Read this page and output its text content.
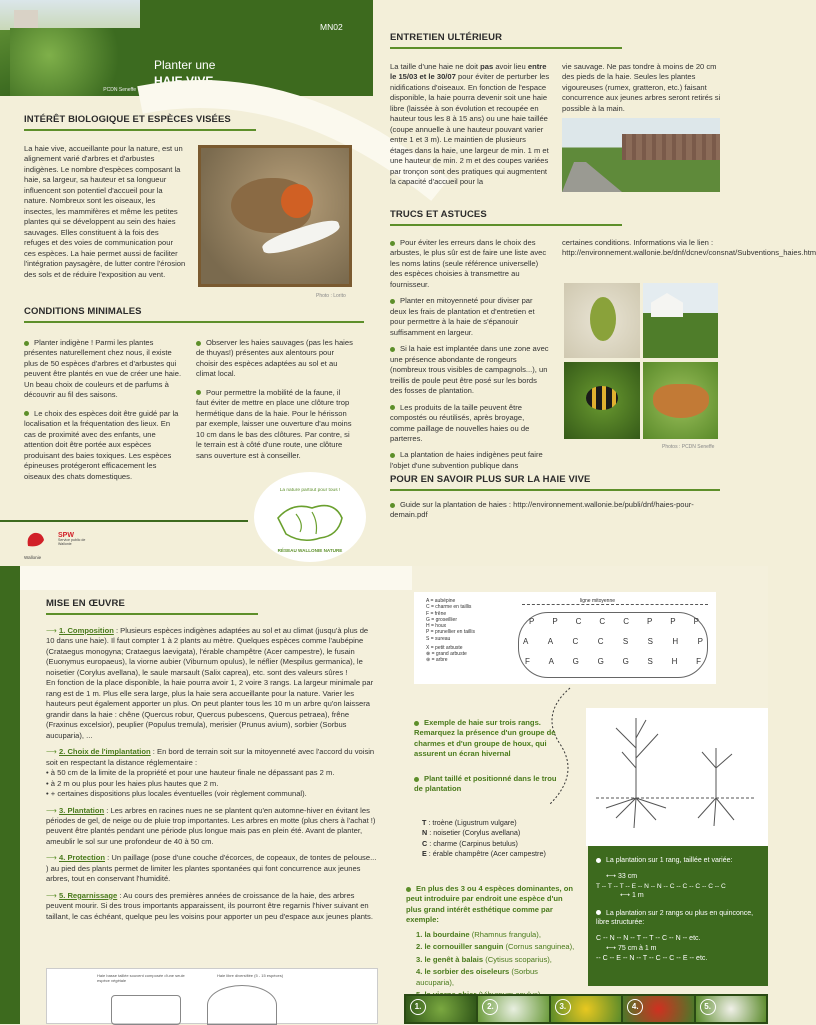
PCDN Seneffe
MN02
Planter une
HAIE VIVE
INTÉRÊT BIOLOGIQUE ET ESPÈCES VISÉES

La haie vive, accueillante pour la nature, est un alignement varié d'arbres et d'arbustes indigènes. Le nombre d'espèces composant la haie, sa largeur, sa hauteur et sa longueur influencent son potentiel d'accueil pour la nature. Nombreux sont les oiseaux, les insectes, les mammifères et même les petites plantes qui se développent au sein des haies sauvages. Elles constituent à la fois des refuges et des voies de communication pour ces espèces. La haie permet aussi de faciliter l'intégration paysagère, de lutter contre l'érosion des sols et de réduire l'exposition au vent.

Photo : Lorito
CONDITIONS MINIMALES

Planter indigène ! Parmi les plantes présentes naturellement chez nous, il existe plus de 50 espèces d'arbres et d'arbustes qui peuvent être plantés en vue de créer une haie. Un beau choix de couleurs et de parfums à découvrir au fil des saisons.

Le choix des espèces doit être guidé par la localisation et la fréquentation des lieux. En cas de proximité avec des enfants, une attention doit être portée aux espèces produisant des baies toxiques. Les espèces épineuses protégeront efficacement les oiseaux des chats domestiques.

Observer les haies sauvages (pas les haies de thuyas!) présentes aux alentours pour choisir des espèces adaptées au sol et au climat local.

Pour permettre la mobilité de la faune, il faut éviter de mettre en place une clôture trop hermétique dans de la haie. Pour le hérisson par exemple, laisser une ouverture d'au moins 10 cm dans le bas des clôtures. Par contre, si le terrain est à côté d'une route, une clôture sans ouverture est à conseiller.

La nature partout pour tous !
RÉSEAU WALLONIE NATURE
ENTRETIEN ULTÉRIEUR

La taille d'une haie ne doit pas avoir lieu entre le 15/03 et le 30/07 pour éviter de perturber les nidifications d'oiseaux. En fonction de l'espace disponible, la haie pourra devenir soit une haie libre (laissée à son évolution et recoupée en hauteur tous les 8 à 15 ans) ou une haie taillée (coupe annuelle à une hauteur pouvant varier entre 1 et 3 m). Le maintien de plusieurs étages dans la haie, une largeur de min. 1 m et une hauteur de min. 2 m et des coupes variées par tronçon sont des pratiques qui augmentent la capacité d'accueil pour la

vie sauvage. Ne pas tondre à moins de 20 cm des pieds de la haie. Seules les plantes vigoureuses (rumex, gratteron, etc.) faisant concurrence aux jeunes arbres seront retirés si possible à la main.

TRUCS ET ASTUCES

Pour éviter les erreurs dans le choix des arbustes, le plus sûr est de faire une liste avec les noms latins (seule référence universelle) des espèces choisies à transmettre au fournisseur.

Planter en mitoyenneté pour diviser par deux les frais de plantation et d'entretien et pour permettre à la haie de s'épanouir suffisamment en largeur.

Si la haie est implantée dans une zone avec une présence abondante de rongeurs (nombreux trous visibles de campagnols...), un treillis de poule peut être posé sur les bords des fosses de plantation.

Les produits de la taille peuvent être compostés ou réutilisés, après broyage, comme paillage de nouvelles haies ou de parterres.

La plantation de haies indigènes peut faire l'objet d'une subvention publique dans

certaines conditions. Informations via le lien : http://environnement.wallonie.be/dnf/dcnev/consnat/Subventions_haies.htm

Photos : PCDN Seneffe
POUR EN SAVOIR PLUS SUR LA HAIE VIVE

Guide sur la plantation de haies : http://environnement.wallonie.be/publi/dnf/haies-pour-demain.pdf

Wallonie
SPW
Service public de Wallonie
MISE EN ŒUVRE

⟶ 1. Composition : Plusieurs espèces indigènes adaptées au sol et au climat (jusqu'à plus de 10 dans une haie). Il faut compter 1 à 2 plants au mètre. Quelques espèces comme l'aubépine (Crataegus monogyna; Crataegus laevigata), l'érable champêtre (Acer campestre), le fusain (Euonymus europaeus), la viorne aubier (Viburnum opulus), le néflier (Mespilus germanica), le noisetier (Corylus avellana), le saule marsault (Salix caprea), etc. sont des valeurs sûres !

En fonction de la place disponible, la haie pourra avoir 1, 2 voire 3 rangs. La largeur minimale par rang est de 1 m. Plus elle sera large, plus la haie sera accueillante pour la nature. Varier les hauteurs peut également apporter un plus. On peut planter tous les 10 m un arbre qu'on laissera grandir dans la haie : chêne (Quercus robur, Quercus pubescens, Quercus petraea), frêne (Fraxinus excelsior), peuplier (Populus tremula), merisier (Prunus avium), sorbier (Sorbus aucuparia), ...

⟶ 2. Choix de l'implantation : En bord de terrain soit sur la mitoyenneté avec l'accord du voisin soit en respectant la distance réglementaire :

• à 50 cm de la limite de la propriété et pour une hauteur finale ne dépassant pas 2 m.

• à 2 m ou plus pour les haies plus hautes que 2 m.

• + certaines dispositions plus locales éventuelles (voir règlement communal).

⟶ 3. Plantation : Les arbres en racines nues ne se plantent qu'en automne-hiver en évitant les périodes de gel, de neige ou de pluie trop importantes. Les arbres en motte (plus chers à l'achat !) peuvent être plantés pendant une période plus longue mais pas en plein été. Avant de planter, ameublir le sol sur une profondeur de 40 à 50 cm.

⟶ 4. Protection : Un paillage (pose d'une couche d'écorces, de copeaux, de tontes de pelouse... ) au pied des plants permet de limiter les plantes spontanées qui font concurrence aux jeunes arbres, tout en conservant l'humidité.

⟶ 5. Regarnissage : Au cours des premières années de croissance de la haie, des arbres peuvent mourir. Si des trous importants apparaissent, ils pourront être regarnis l'hiver suivant en taillant, le cas échéant, quelque peu les voisins pour apporter un peu d'espace aux jeunes plants.

Haie basse taillée souvent composée d'une seule espèce végétale
Haie libre diversifiée (5 - 15 espèces)
A = aubépine
C = charme en taillis
F = frêne
G = groseillier
H = houx
P = prunellier en taillis
S = sureau
X = petit arbuste
⊗ = grand arbuste
⊛ = arbre
ligne mitoyenne
P P C C C P P P
A A C C S S H P
F A G G G S H F

Exemple de haie sur trois rangs. Remarquez la présence d'un groupe de charmes et d'un groupe de houx, qui assurent un écran hivernal

Plant taillé et positionné dans le trou de plantation

T : troène (Ligustrum vulgare)
N : noisetier (Corylus avellana)
C : charme (Carpinus betulus)
E : érable champêtre (Acer campestre)

En plus des 3 ou 4 espèces dominantes, on peut introduire par endroit une espèce d'un plus grand intérêt esthétique comme par exemple:

1. la bourdaine (Rhamnus frangula),
2. le cornouiller sanguin (Cornus sanguinea),
3. le genêt à balais (Cytisus scoparius),
4. le sorbier des oiseleurs (Sorbus aucuparia),
La plantation sur 1 rang, taillée et variée:
⟷ 33 cm
T -- T -- T -- E -- N -- N -- C -- C -- C -- C -- C
⟷ 1 m
La plantation sur 2 rangs ou plus en quinconce, libre structurée:
C -- N -- N -- T -- T -- C -- N -- etc.
⟷ 75 cm à 1 m
-- C -- E -- N -- T -- C -- C -- E -- etc.
1.	2.	3.	4.	5.
